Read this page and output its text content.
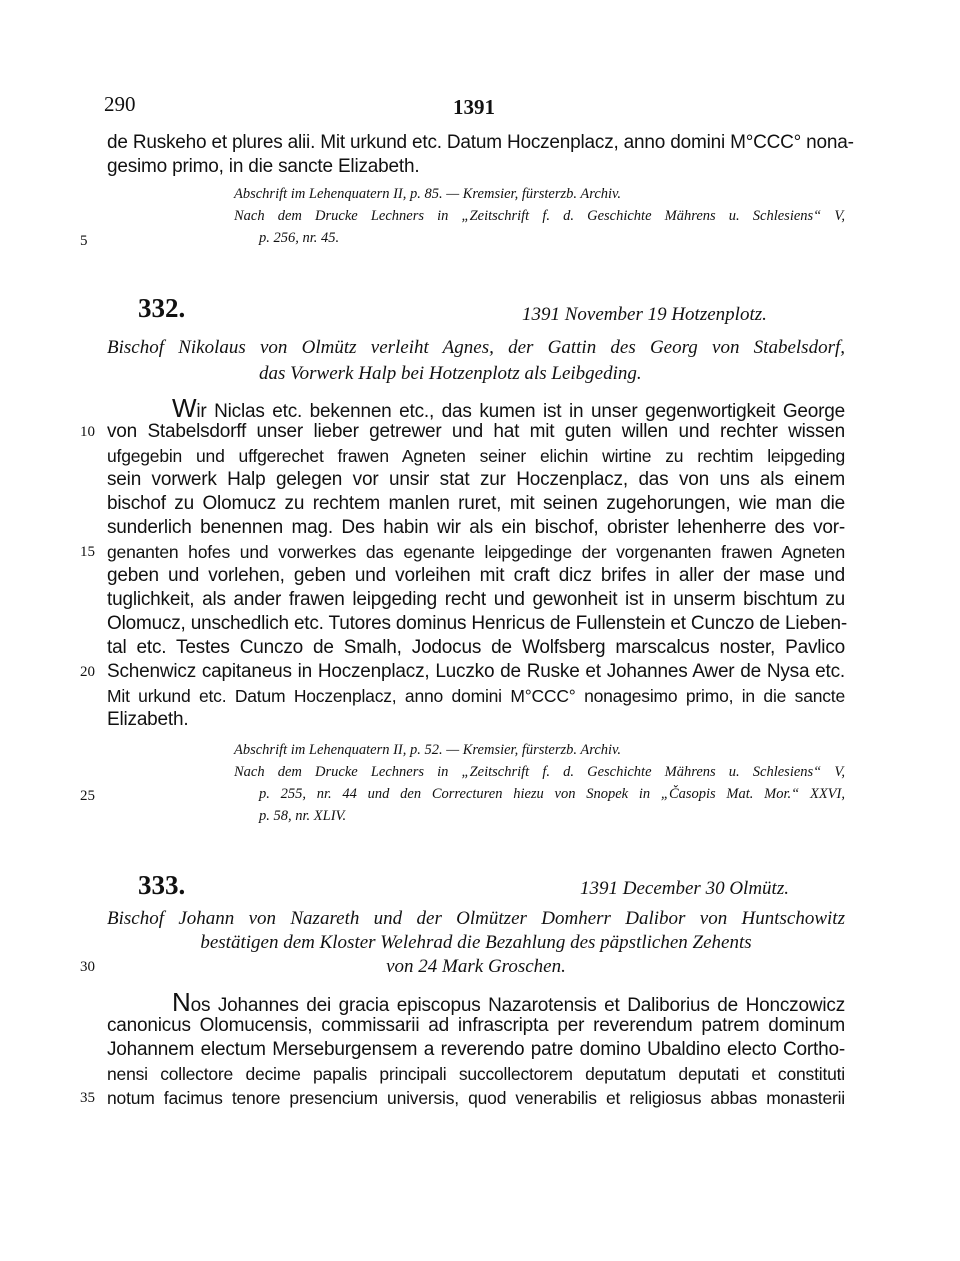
290	1391
de Ruskeho et plures alii. Mit urkund etc. Datum Hoczenplacz, anno domini M°CCC° nona-
gesimo primo, in die sancte Elizabeth.
Abschrift im Lehenquatern II, p. 85. — Kremsier, fürsterzb. Archiv.
Nach dem Drucke Lechners in „Zeitschrift f. d. Geschichte Mährens u. Schlesiens“ V,
p. 256, nr. 45.
332.	1391 November 19 Hotzenplotz.
Bischof Nikolaus von Olmütz verleiht Agnes, der Gattin des Georg von Stabelsdorf,
das Vorwerk Halp bei Hotzenplotz als Leibgeding.
Wir Niclas etc. bekennen etc., das kumen ist in unser gegenwortigkeit George
von Stabelsdorff unser lieber getrewer und hat mit guten willen und rechter wissen
ufgegebin und uffgerechet frawen Agneten seiner elichin wirtine zu rechtim leipgeding
sein vorwerk Halp gelegen vor unsir stat zur Hoczenplacz, das von uns als einem
bischof zu Olomucz zu rechtem manlen ruret, mit seinen zugehorungen, wie man die
sunderlich benennen mag. Des habin wir als ein bischof, obrister lehenherre des vor-
genanten hofes und vorwerkes das egenante leipgedinge der vorgenanten frawen Agneten
geben und vorlehen, geben und vorleihen mit craft dicz brifes in aller der mase und
tuglichkeit, als ander frawen leipgeding recht und gewonheit ist in unserm bischtum zu
Olomucz, unschedlich etc. Tutores dominus Henricus de Fullenstein et Cunczo de Lieben-
tal etc. Testes Cunczo de Smalh, Jodocus de Wolfsberg marscalcus noster, Pavlico
Schenwicz capitaneus in Hoczenplacz, Luczko de Ruske et Johannes Awer de Nysa etc.
Mit urkund etc. Datum Hoczenplacz, anno domini M°CCC° nonagesimo primo, in die sancte
Elizabeth.
Abschrift im Lehenquatern II, p. 52. — Kremsier, fürsterzb. Archiv.
Nach dem Drucke Lechners in „Zeitschrift f. d. Geschichte Mährens u. Schlesiens“ V,
p. 255, nr. 44 und den Correcturen hiezu von Snopek in „Časopis Mat. Mor.“ XXVI,
p. 58, nr. XLIV.
333.	1391 December 30 Olmütz.
Bischof Johann von Nazareth und der Olmützer Domherr Dalibor von Huntschowitz
bestätigen dem Kloster Welehrad die Bezahlung des päpstlichen Zehents
von 24 Mark Groschen.
Nos Johannes dei gracia episcopus Nazarotensis et Daliborius de Honczowicz
canonicus Olomucensis, commissarii ad infrascripta per reverendum patrem dominum
Johannem electum Merseburgensem a reverendo patre domino Ubaldino electo Cortho-
nensi collectore decime papalis principali succollectorem deputatum deputati et constituti
notum facimus tenore presencium universis, quod venerabilis et religiosus abbas monasterii
5
10
15
20
25
30
35
